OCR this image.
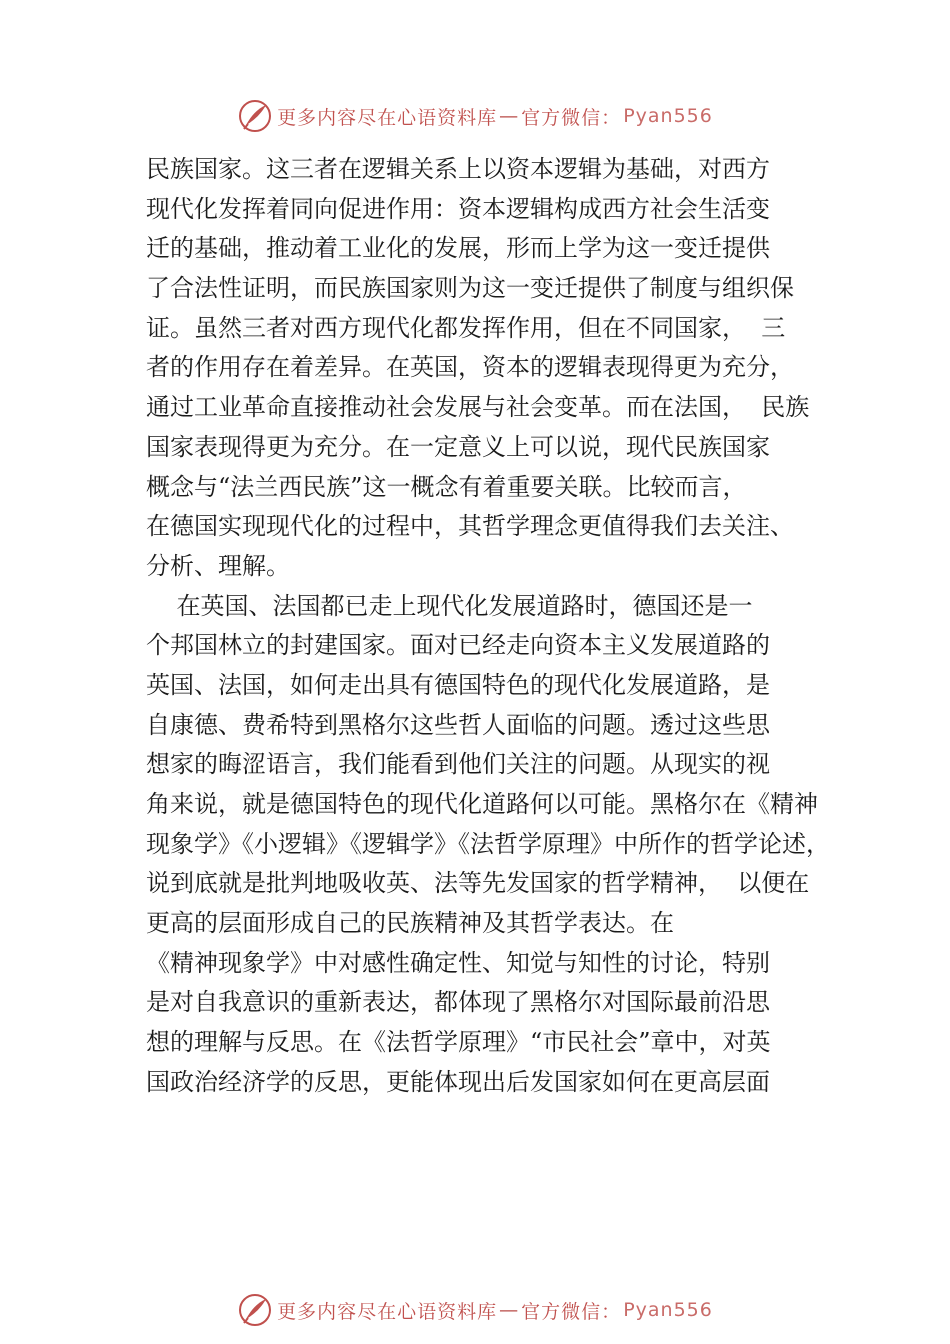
更多内容尽在心语资料库 — 官方微信： Pyan556
民族国家。这三者在逻辑关系上以资本逻辑为基础，对西方
现代化发挥着同向促进作用：资本逻辑构成西方社会生活变
迁的基础，推动着工业化的发展，形而上学为这一变迁提供
了合法性证明，而民族国家则为这一变迁提供了制度与组织保
证。虽然三者对西方现代化都发挥作用，但在不同国家，  三
者的作用存在着差异。在英国，资本的逻辑表现得更为充分，
通过工业革命直接推动社会发展与社会变革。而在法国，  民族
国家表现得更为充分。在一定意义上可以说，现代民族国家
概念与“法兰西民族”这一概念有着重要关联。比较而言，
在德国实现现代化的过程中，其哲学理念更值得我们去关注、
分析、理解。
在英国、法国都已走上现代化发展道路时，德国还是一
个邦国林立的封建国家。面对已经走向资本主义发展道路的
英国、法国，如何走出具有德国特色的现代化发展道路，是
自康德、费希特到黑格尔这些哲人面临的问题。透过这些思
想家的晦涩语言，我们能看到他们关注的问题。从现实的视
角来说，就是德国特色的现代化道路何以可能。黑格尔在《精神
现象学》《小逻辑》《逻辑学》《法哲学原理》中所作的哲学论述，
说到底就是批判地吸收英、法等先发国家的哲学精神，  以便在
更高的层面形成自己的民族精神及其哲学表达。在
《精神现象学》中对感性确定性、知觉与知性的讨论，特别
是对自我意识的重新表达，都体现了黑格尔对国际最前沿思
想的理解与反思。在《法哲学原理》“市民社会”章中，对英
国政治经济学的反思，更能体现出后发国家如何在更高层面
更多内容尽在心语资料库 — 官方微信： Pyan556
